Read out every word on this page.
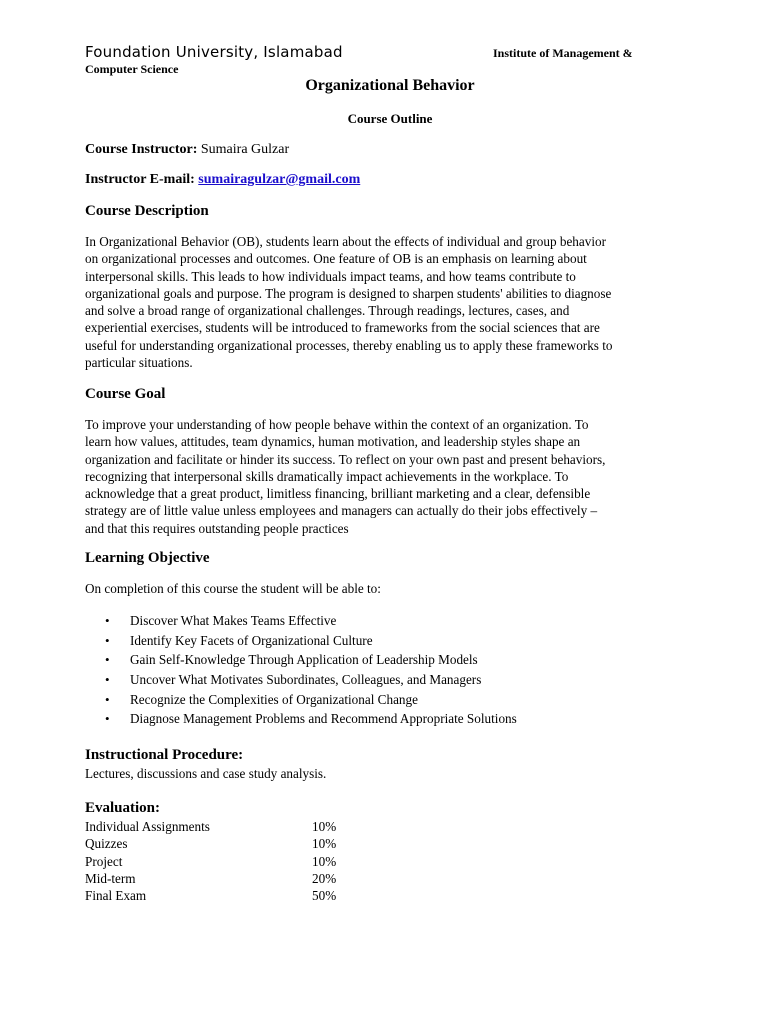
Foundation University, Islamabad	Institute of Management &
Computer Science
Organizational Behavior
Course Outline
Course Instructor: Sumaira Gulzar
Instructor E-mail: sumairagulzar@gmail.com
Course Description
In Organizational Behavior (OB), students learn about the effects of individual and group behavior
on organizational processes and outcomes. One feature of OB is an emphasis on learning about
interpersonal skills. This leads to how individuals impact teams, and how teams contribute to
organizational goals and purpose. The program is designed to sharpen students' abilities to diagnose
and solve a broad range of organizational challenges. Through readings, lectures, cases, and
experiential exercises, students will be introduced to frameworks from the social sciences that are
useful for understanding organizational processes, thereby enabling us to apply these frameworks to
particular situations.
Course Goal
To improve your understanding of how people behave within the context of an organization. To
learn how values, attitudes, team dynamics, human motivation, and leadership styles shape an
organization and facilitate or hinder its success. To reflect on your own past and present behaviors,
recognizing that interpersonal skills dramatically impact achievements in the workplace. To
acknowledge that a great product, limitless financing, brilliant marketing and a clear, defensible
strategy are of little value unless employees and managers can actually do their jobs effectively –
and that this requires outstanding people practices
Learning Objective
On completion of this course the student will be able to:
• Discover What Makes Teams Effective
• Identify Key Facets of Organizational Culture
• Gain Self-Knowledge Through Application of Leadership Models
• Uncover What Motivates Subordinates, Colleagues, and Managers
• Recognize the Complexities of Organizational Change
• Diagnose Management Problems and Recommend Appropriate Solutions
Instructional Procedure:
Lectures, discussions and case study analysis.
Evaluation:
Individual Assignments	10%
Quizzes	10%
Project	10%
Mid-term	20%
Final Exam	50%
